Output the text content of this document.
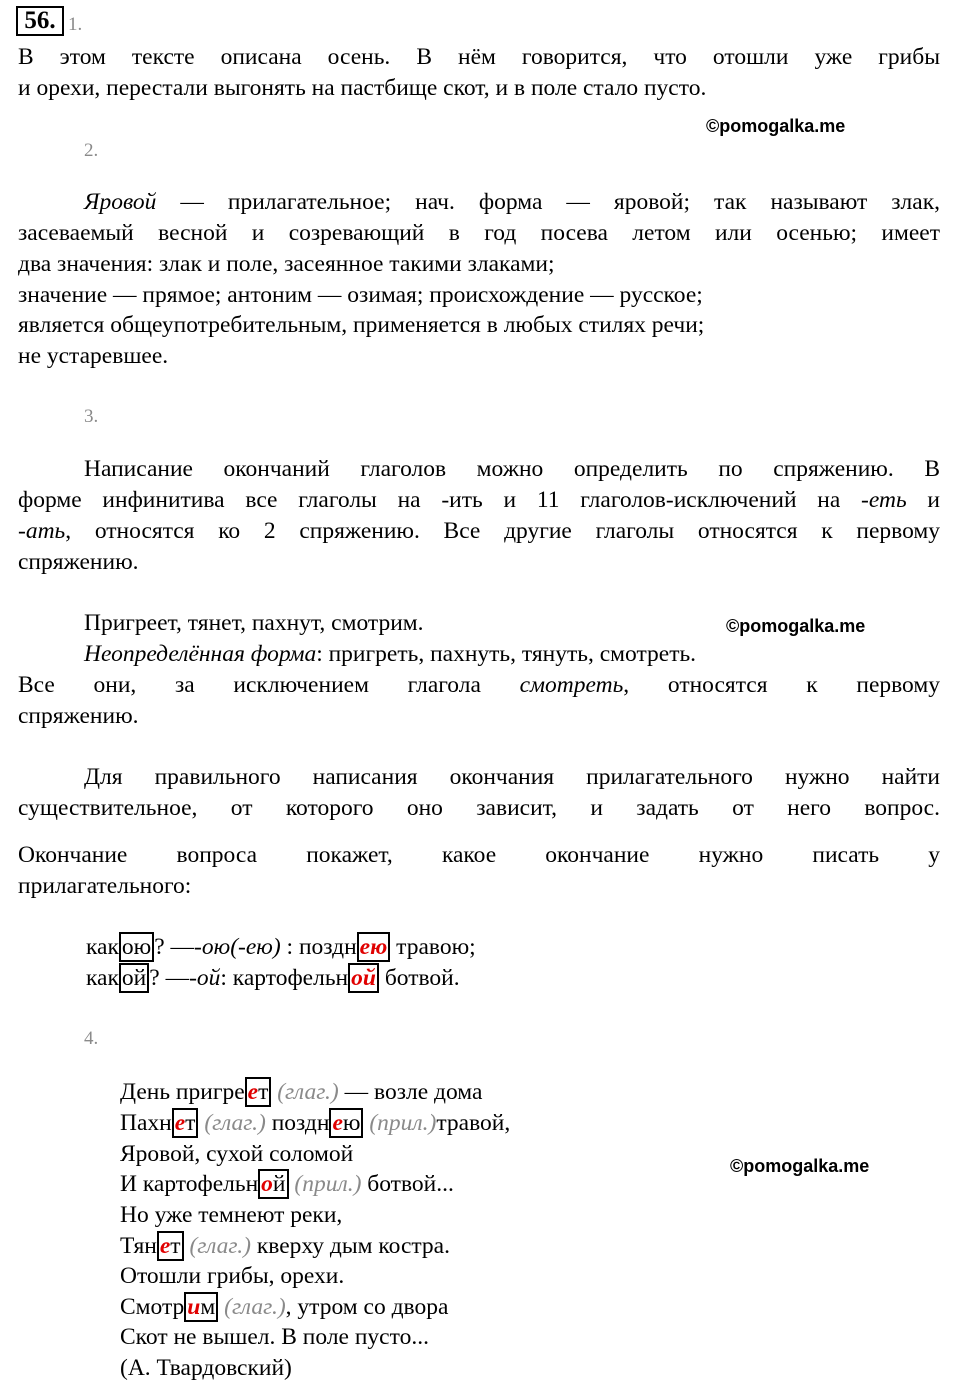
56. 1.
В этом тексте описана осень. В нём говорится, что отошли уже грибы
и орехи, перестали выгонять на пастбище скот, и в поле стало пусто.
©pomogalka.me
2.
Яровой — прилагательное; нач. форма — яровой; так называют злак,
засеваемый весной и созревающий в год посева летом или осенью; имеет
два значения: злак и поле, засеянное такими злаками;
значение — прямое; антоним — озимая; происхождение — русское;
является общеупотребительным, применяется в любых стилях речи;
не устаревшее.
3.
Написание окончаний глаголов можно определить по спряжению. В
форме инфинитива все глаголы на -ить и 11 глаголов-исключений на -еть и
-ать, относятся ко 2 спряжению. Все другие глаголы относятся к первому
спряжению.
Пригреет, тянет, пахнут, смотрим.	©pomogalka.me
Неопределённая форма: пригреть, пахнуть, тянуть, смотреть.
Все они, за исключением глагола смотреть, относятся к первому
спряжению.
Для правильного написания окончания прилагательного нужно найти
существительное, от которого оно зависит, и задать от него вопрос.
Окончание вопроса покажет, какое окончание нужно писать у
прилагательного:
как ою ? —-ою(-ею) : поздн ею травою;
как ой ? —-ой: картофельн ой ботвой.
4.
День пригре ет (глаг.) — возле дома
Пахн ет (глаг.) поздн ею (прил.)травой,
Яровой, сухой соломой
И картофельн ой (прил.) ботвой...
©pomogalka.me
Но уже темнеют реки,
Тян ет (глаг.) кверху дым костра.
Отошли грибы, орехи.
Смотр им (глаг.), утром со двора
Скот не вышел. В поле пусто...
(А. Твардовский)
